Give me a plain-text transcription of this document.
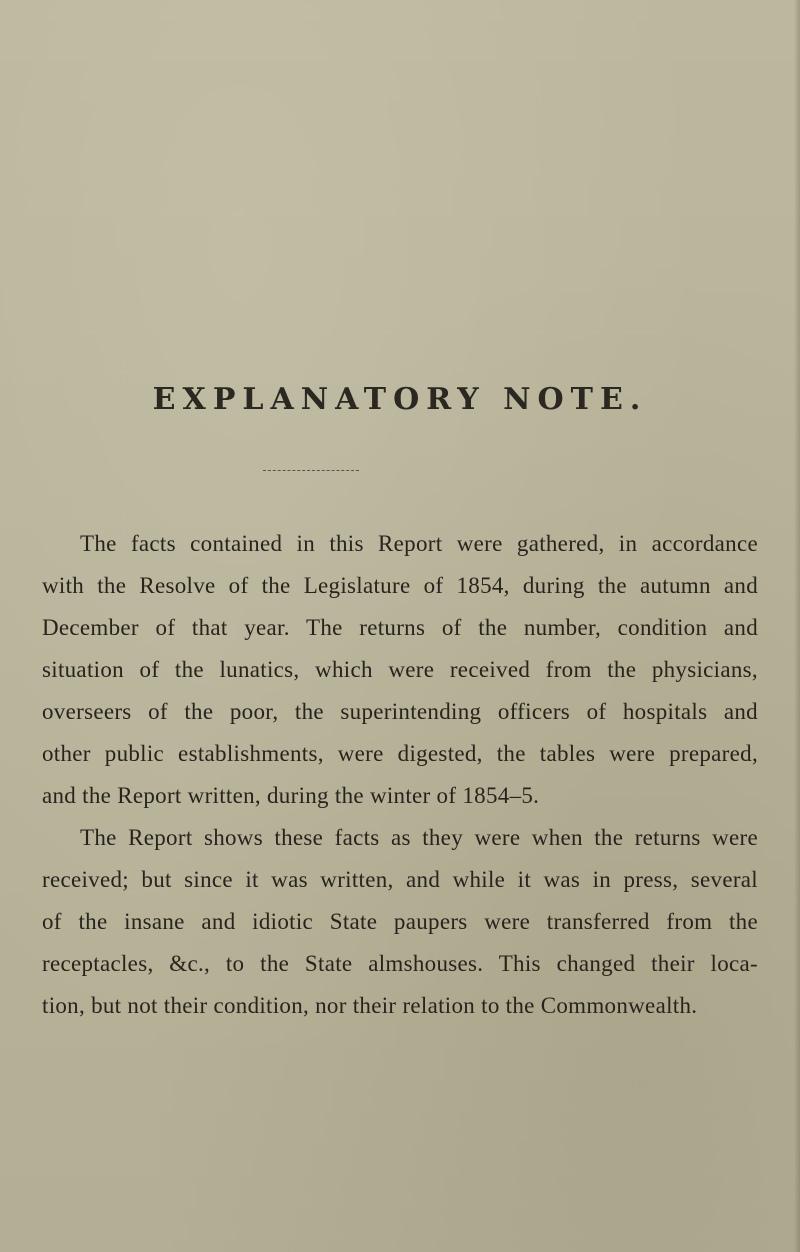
EXPLANATORY NOTE.
The facts contained in this Report were gathered, in accordance
with the Resolve of the Legislature of 1854, during the autumn and
December of that year. The returns of the number, condition and
situation of the lunatics, which were received from the physicians,
overseers of the poor, the superintending officers of hospitals and
other public establishments, were digested, the tables were prepared,
and the Report written, during the winter of 1854–5.
The Report shows these facts as they were when the returns were
received; but since it was written, and while it was in press, several
of the insane and idiotic State paupers were transferred from the
receptacles, &c., to the State almshouses. This changed their loca-
tion, but not their condition, nor their relation to the Commonwealth.
